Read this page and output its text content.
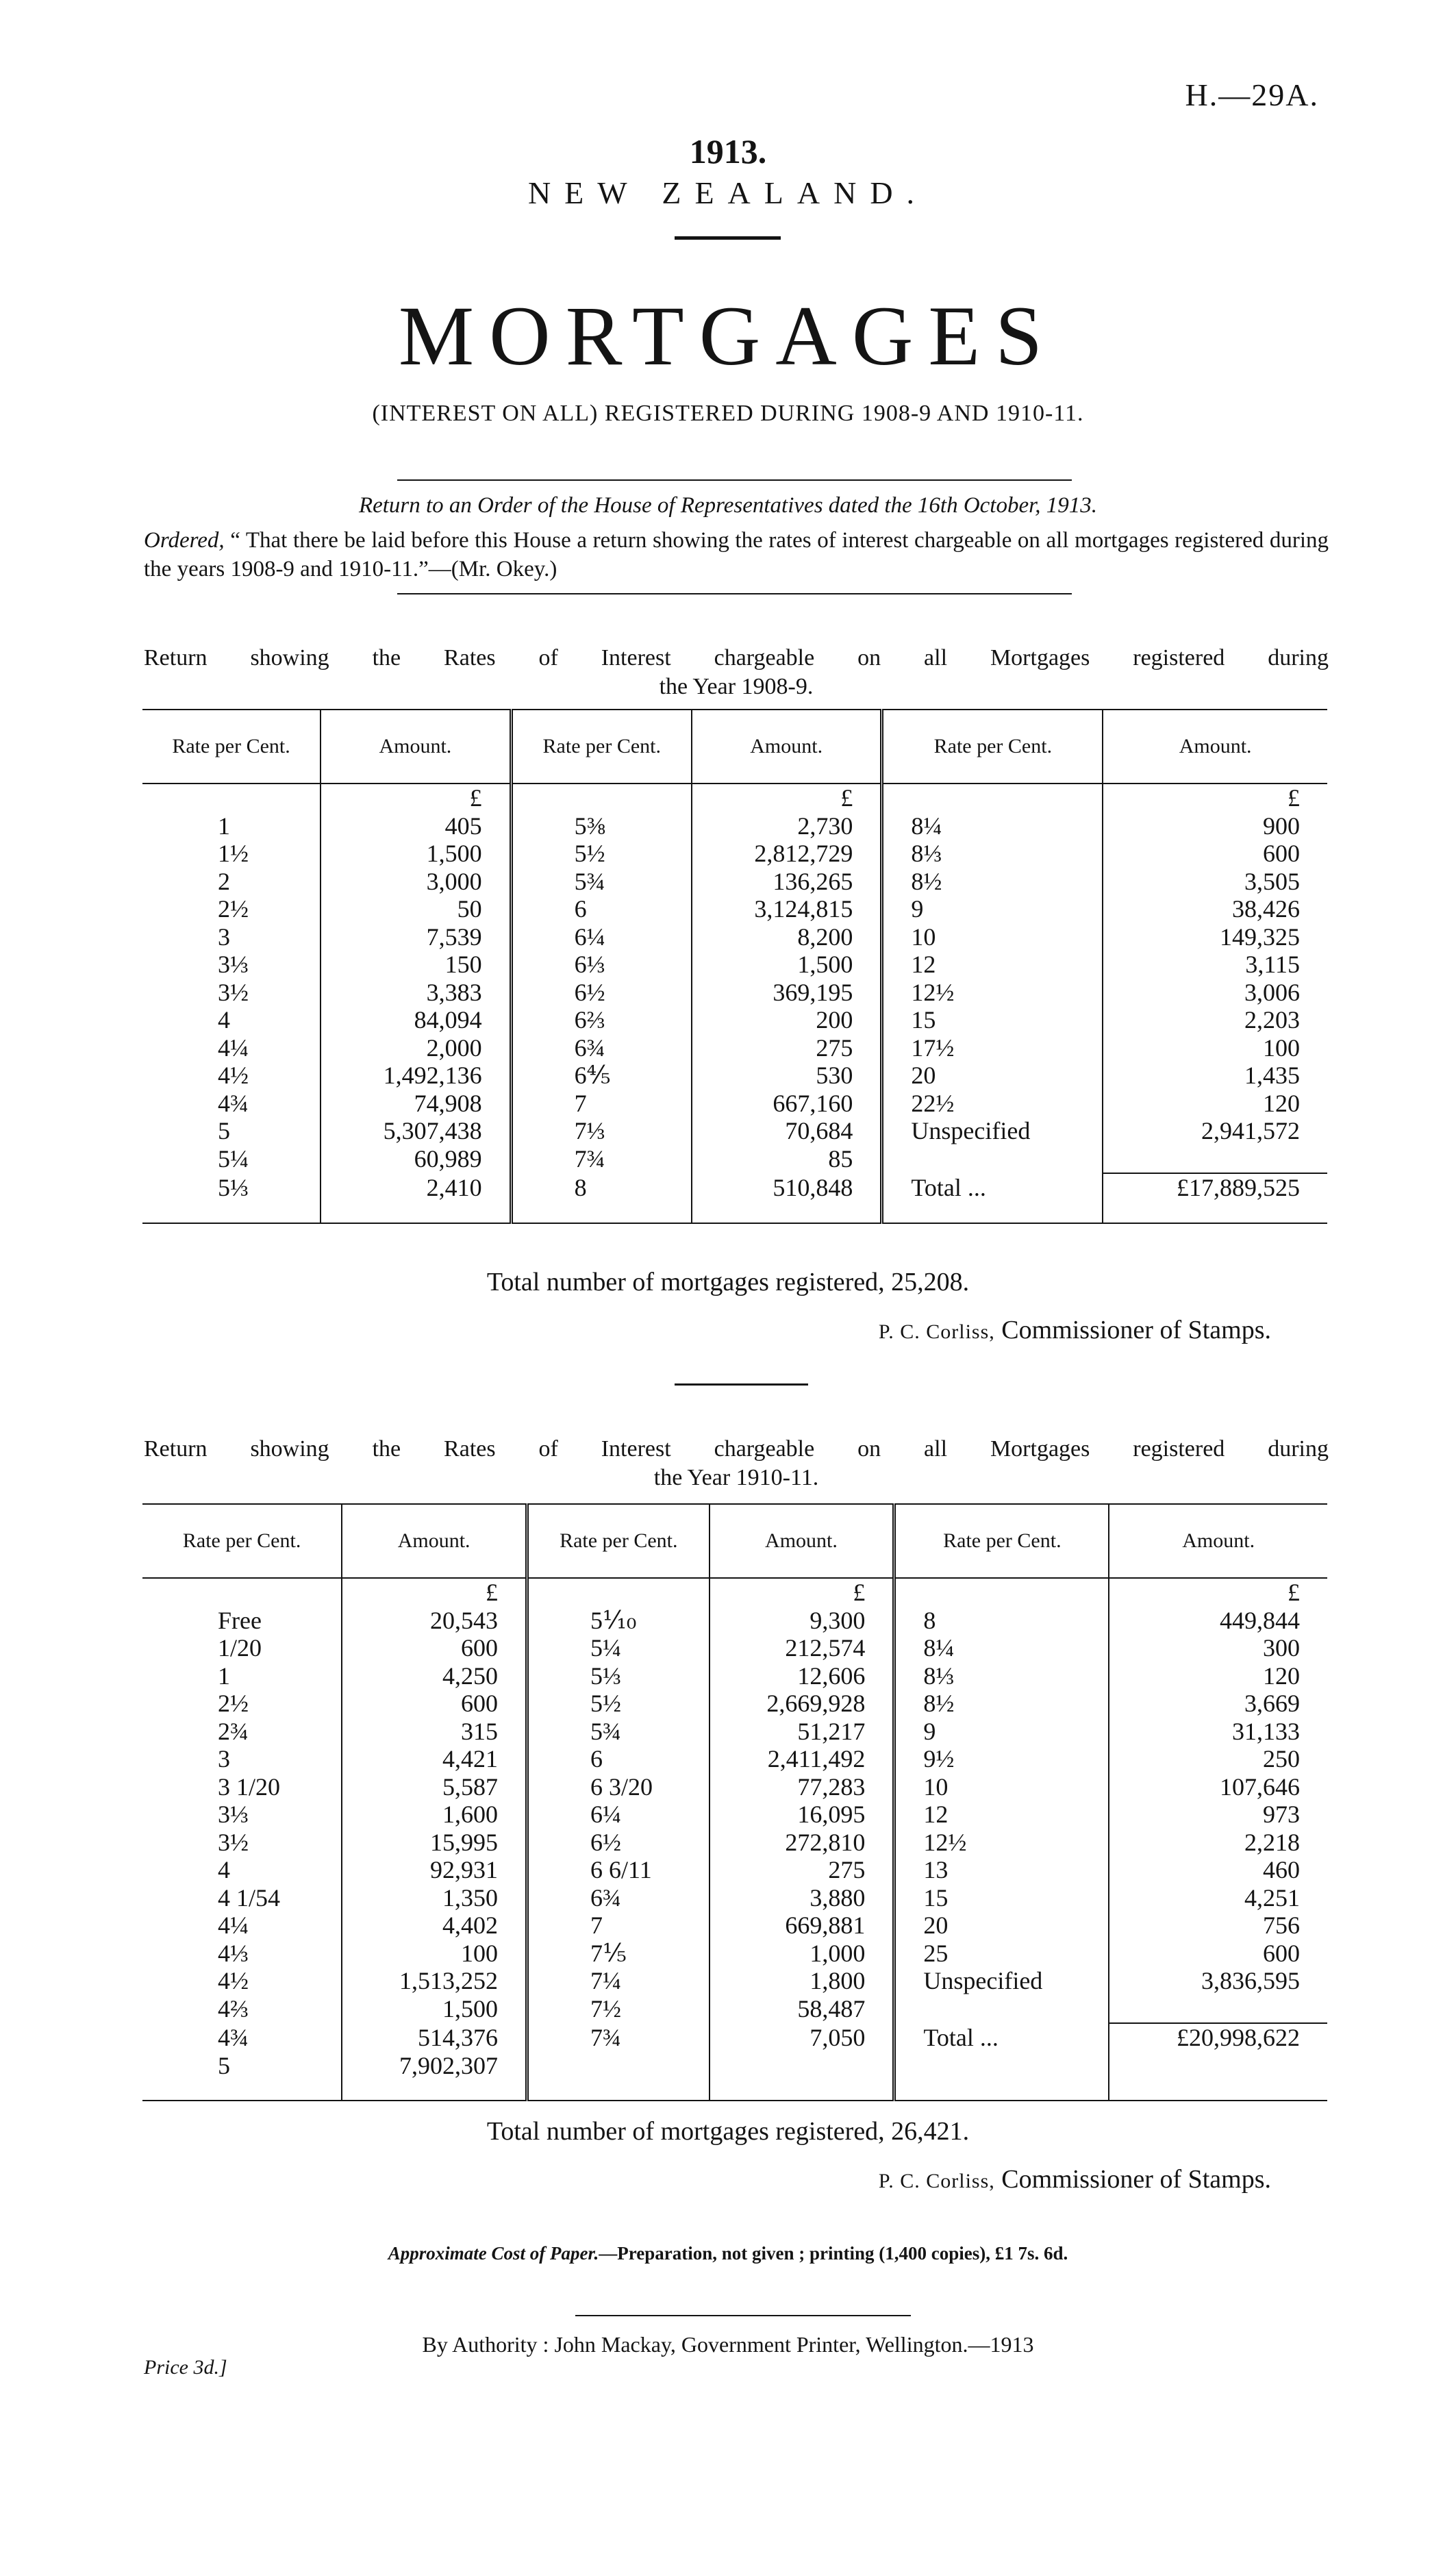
H.—29A.
1913.
NEW ZEALAND.
MORTGAGES
(INTEREST ON ALL) REGISTERED DURING 1908-9 AND 1910-11.
Return to an Order of the House of Representatives dated the 16th October, 1913.
Ordered, “ That there be laid before this House a return showing the rates of interest chargeable on all mortgages registered during the years 1908-9 and 1910-11.”—(Mr. Okey.)
Return showing the Rates of Interest chargeable on all Mortgages registered during
the Year 1908-9.
Rate per Cent.	Amount.	Rate per Cent.	Amount.	Rate per Cent.	Amount.
	£		£		£
1	405	5⅜	2,730	8¼	900
1½	1,500	5½	2,812,729	8⅓	600
2	3,000	5¾	136,265	8½	3,505
2½	50	6	3,124,815	9	38,426
3	7,539	6¼	8,200	10	149,325
3⅓	150	6⅓	1,500	12	3,115
3½	3,383	6½	369,195	12½	3,006
4	84,094	6⅔	200	15	2,203
4¼	2,000	6¾	275	17½	100
4½	1,492,136	6⅘	530	20	1,435
4¾	74,908	7	667,160	22½	120
5	5,307,438	7⅓	70,684	Unspecified	2,941,572
5¼	60,989	7¾	85		
5⅓	2,410	8	510,848	Total ...	£17,889,525

Total number of mortgages registered, 25,208.
P. C. Corliss, Commissioner of Stamps.
Return showing the Rates of Interest chargeable on all Mortgages registered during
the Year 1910-11.
Rate per Cent.	Amount.	Rate per Cent.	Amount.	Rate per Cent.	Amount.
	£		£		£
Free	20,543	5⅒	9,300	8	449,844
1/20	600	5¼	212,574	8¼	300
1	4,250	5⅓	12,606	8⅓	120
2½	600	5½	2,669,928	8½	3,669
2¾	315	5¾	51,217	9	31,133
3	4,421	6	2,411,492	9½	250
3 1/20	5,587	6 3/20	77,283	10	107,646
3⅓	1,600	6¼	16,095	12	973
3½	15,995	6½	272,810	12½	2,218
4	92,931	6 6/11	275	13	460
4 1/54	1,350	6¾	3,880	15	4,251
4¼	4,402	7	669,881	20	756
4⅓	100	7⅕	1,000	25	600
4½	1,513,252	7¼	1,800	Unspecified	3,836,595
4⅔	1,500	7½	58,487		
4¾	514,376	7¾	7,050	Total ...	£20,998,622
5	7,902,307				

Total number of mortgages registered, 26,421.
P. C. Corliss, Commissioner of Stamps.
Approximate Cost of Paper.—Preparation, not given ; printing (1,400 copies), £1 7s. 6d.
By Authority : John Mackay, Government Printer, Wellington.—1913
Price 3d.]
